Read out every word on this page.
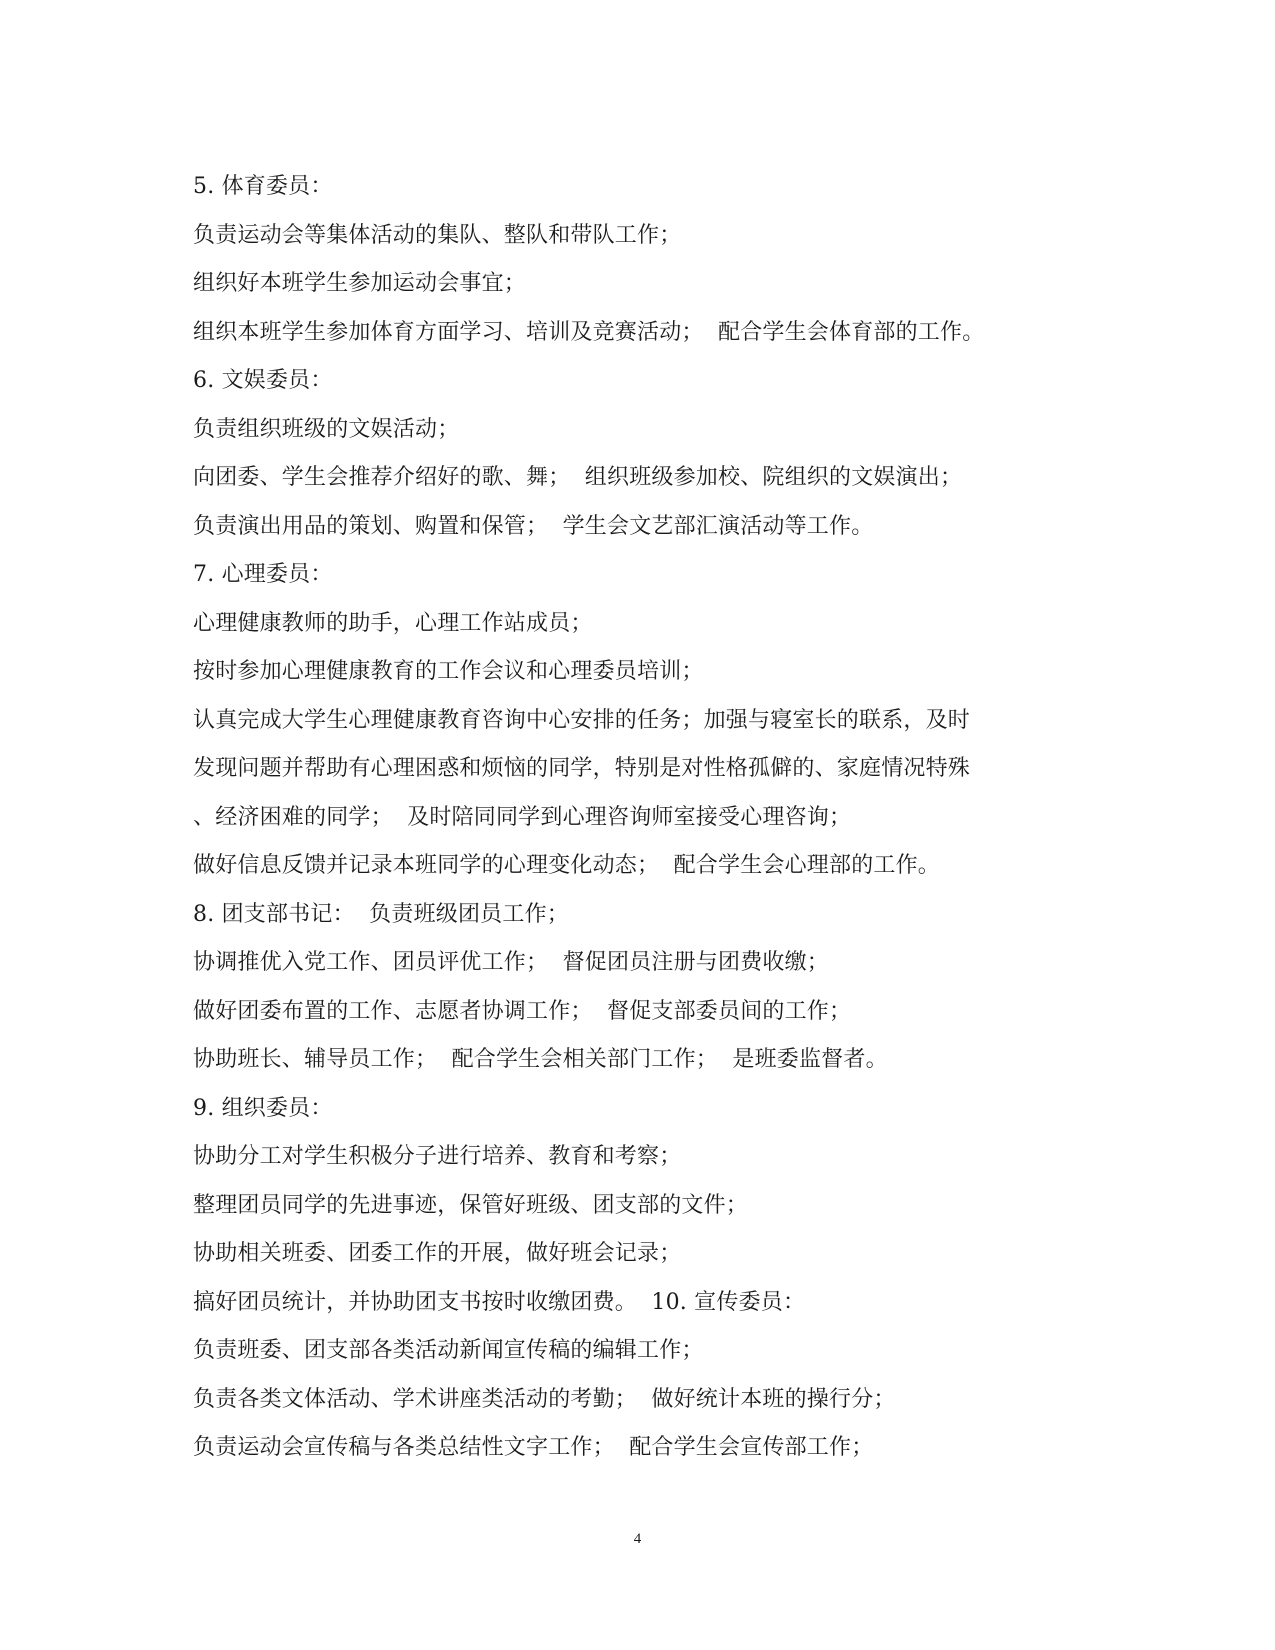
5. 体育委员：
负责运动会等集体活动的集队、整队和带队工作；
组织好本班学生参加运动会事宜；
组织本班学生参加体育方面学习、培训及竞赛活动；  配合学生会体育部的工作。
6. 文娱委员：
负责组织班级的文娱活动；
向团委、学生会推荐介绍好的歌、舞；  组织班级参加校、院组织的文娱演出；
负责演出用品的策划、购置和保管；  学生会文艺部汇演活动等工作。
7. 心理委员：
心理健康教师的助手，心理工作站成员；
按时参加心理健康教育的工作会议和心理委员培训；
认真完成大学生心理健康教育咨询中心安排的任务；加强与寝室长的联系，及时
发现问题并帮助有心理困惑和烦恼的同学，特别是对性格孤僻的、家庭情况特殊
、经济困难的同学；  及时陪同同学到心理咨询师室接受心理咨询；
做好信息反馈并记录本班同学的心理变化动态；  配合学生会心理部的工作。
8. 团支部书记：  负责班级团员工作；
协调推优入党工作、团员评优工作；  督促团员注册与团费收缴；
做好团委布置的工作、志愿者协调工作；  督促支部委员间的工作；
协助班长、辅导员工作；  配合学生会相关部门工作；  是班委监督者。
9. 组织委员：
协助分工对学生积极分子进行培养、教育和考察；
整理团员同学的先进事迹，保管好班级、团支部的文件；
协助相关班委、团委工作的开展，做好班会记录；
搞好团员统计，并协助团支书按时收缴团费。  10. 宣传委员：
负责班委、团支部各类活动新闻宣传稿的编辑工作；
负责各类文体活动、学术讲座类活动的考勤；  做好统计本班的操行分；
负责运动会宣传稿与各类总结性文字工作；  配合学生会宣传部工作；
4
